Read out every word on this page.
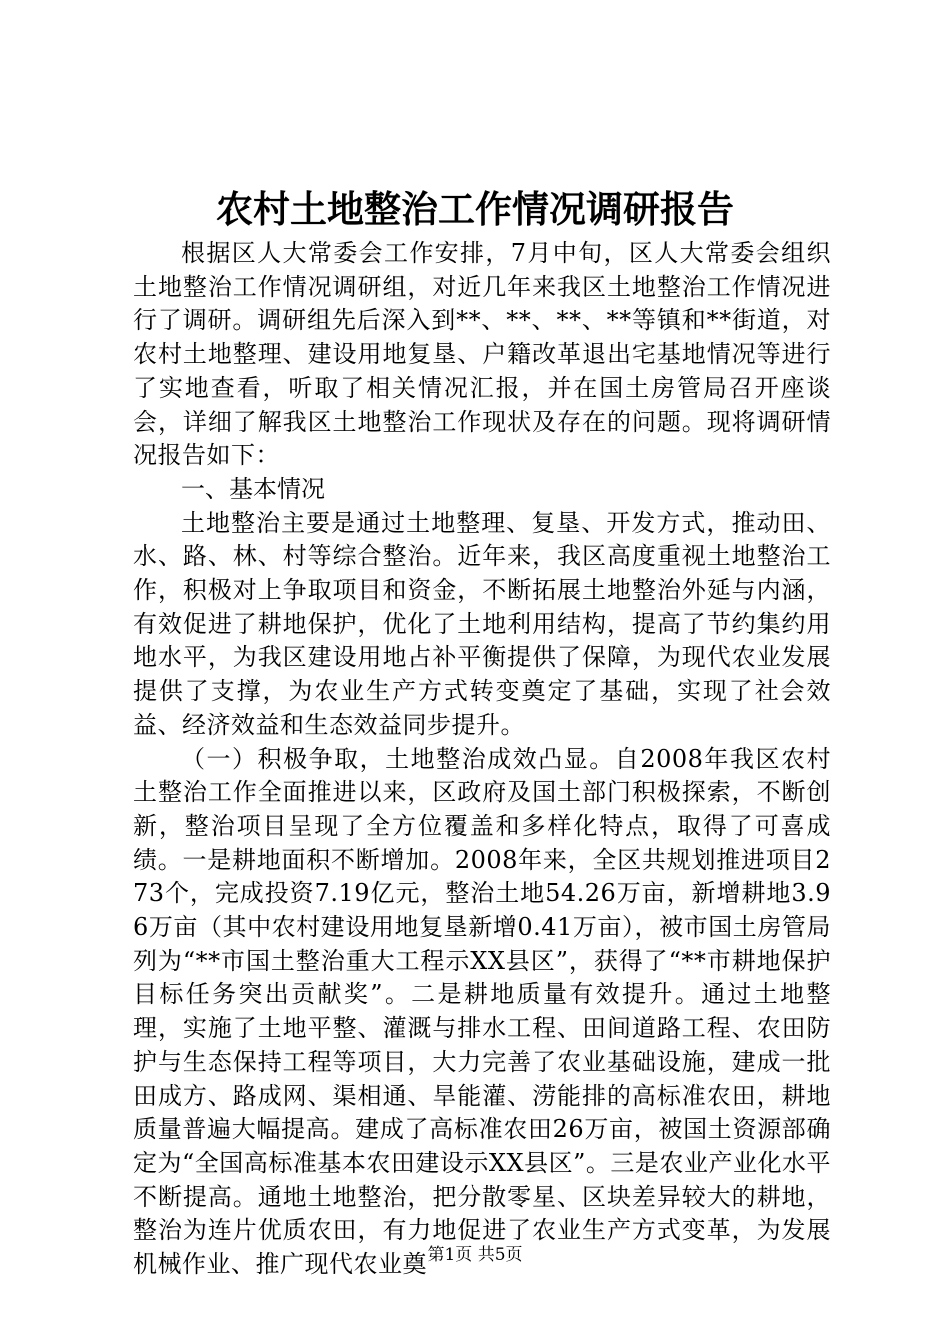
农村土地整治工作情况调研报告

根据区人大常委会工作安排，7月中旬，区人大常委会组织土地整治工作情况调研组，对近几年来我区土地整治工作情况进行了调研。调研组先后深入到**、**、**、**等镇和**街道，对农村土地整理、建设用地复垦、户籍改革退出宅基地情况等进行了实地查看，听取了相关情况汇报，并在国土房管局召开座谈会，详细了解我区土地整治工作现状及存在的问题。现将调研情况报告如下：

一、基本情况

土地整治主要是通过土地整理、复垦、开发方式，推动田、水、路、林、村等综合整治。近年来，我区高度重视土地整治工作，积极对上争取项目和资金，不断拓展土地整治外延与内涵，有效促进了耕地保护，优化了土地利用结构，提高了节约集约用地水平，为我区建设用地占补平衡提供了保障，为现代农业发展提供了支撑，为农业生产方式转变奠定了基础，实现了社会效益、经济效益和生态效益同步提升。

（一）积极争取，土地整治成效凸显。自2008年我区农村土整治工作全面推进以来，区政府及国土部门积极探索，不断创新，整治项目呈现了全方位覆盖和多样化特点，取得了可喜成绩。一是耕地面积不断增加。2008年来，全区共规划推进项目273个，完成投资7.19亿元，整治土地54.26万亩，新增耕地3.96万亩（其中农村建设用地复垦新增0.41万亩），被市国土房管局列为“**市国土整治重大工程示XX县区”，获得了“**市耕地保护目标任务突出贡献奖”。二是耕地质量有效提升。通过土地整理，实施了土地平整、灌溉与排水工程、田间道路工程、农田防护与生态保持工程等项目，大力完善了农业基础设施，建成一批田成方、路成网、渠相通、旱能灌、涝能排的高标准农田，耕地质量普遍大幅提高。建成了高标准农田26万亩，被国土资源部确定为“全国高标准基本农田建设示XX县区”。三是农业产业化水平不断提高。通地土地整治，把分散零星、区块差异较大的耕地，整治为连片优质农田，有力地促进了农业生产方式变革，为发展机械作业、推广现代农业奠 第1页 共5页
